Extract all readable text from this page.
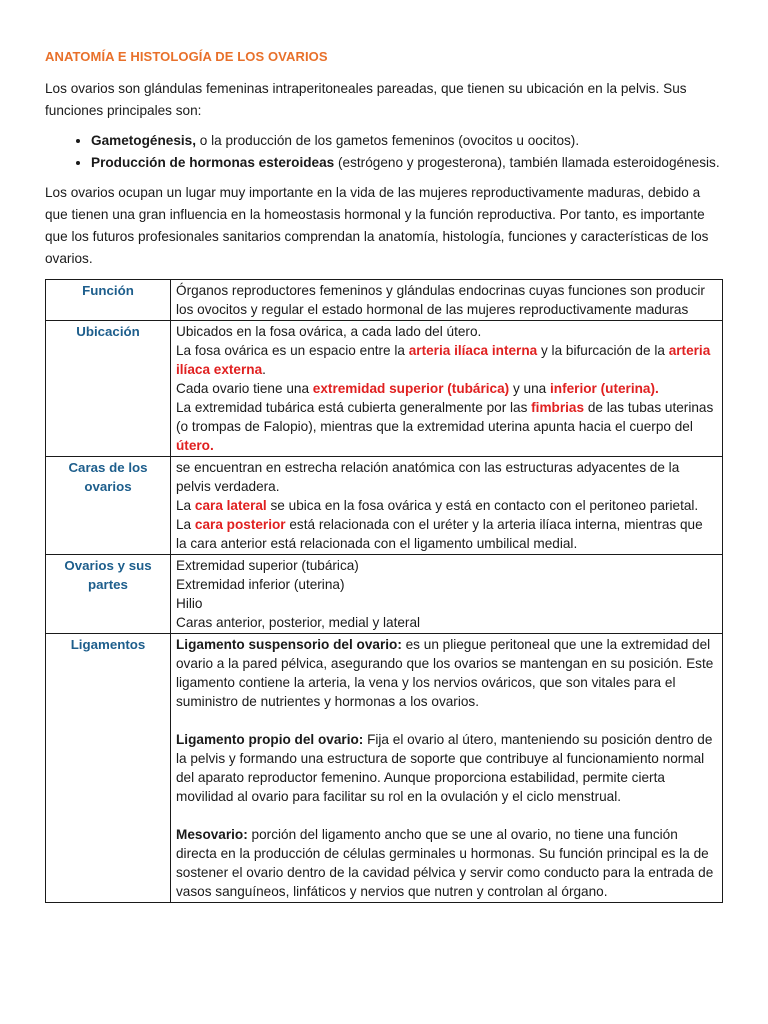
ANATOMÍA E HISTOLOGÍA DE LOS OVARIOS

Los ovarios son glándulas femeninas intraperitoneales pareadas, que tienen su ubicación en la pelvis. Sus funciones principales son:

• Gametogénesis, o la producción de los gametos femeninos (ovocitos u oocitos).
• Producción de hormonas esteroideas (estrógeno y progesterona), también llamada esteroidogénesis.

Los ovarios ocupan un lugar muy importante en la vida de las mujeres reproductivamente maduras, debido a que tienen una gran influencia en la homeostasis hormonal y la función reproductiva. Por tanto, es importante que los futuros profesionales sanitarios comprendan la anatomía, histología, funciones y características de los ovarios.

Función	Órganos reproductores femeninos y glándulas endocrinas cuyas funciones son producir los ovocitos y regular el estado hormonal de las mujeres reproductivamente maduras
Ubicación	Ubicados en la fosa ovárica, a cada lado del útero.
La fosa ovárica es un espacio entre la arteria ilíaca interna y la bifurcación de la arteria ilíaca externa.
Cada ovario tiene una extremidad superior (tubárica) y una inferior (uterina).
La extremidad tubárica está cubierta generalmente por las fimbrias de las tubas uterinas (o trompas de Falopio), mientras que la extremidad uterina apunta hacia el cuerpo del útero.

Caras de los ovarios	se encuentran en estrecha relación anatómica con las estructuras adyacentes de la pelvis verdadera.
La cara lateral se ubica en la fosa ovárica y está en contacto con el peritoneo parietal.
La cara posterior está relacionada con el uréter y la arteria ilíaca interna, mientras que la cara anterior está relacionada con el ligamento umbilical medial.

Ovarios y sus partes	Extremidad superior (tubárica)
Extremidad inferior (uterina)
Hilio
Caras anterior, posterior, medial y lateral

Ligamentos	Ligamento suspensorio del ovario: es un pliegue peritoneal que une la extremidad del ovario a la pared pélvica, asegurando que los ovarios se mantengan en su posición. Este ligamento contiene la arteria, la vena y los nervios ováricos, que son vitales para el suministro de nutrientes y hormonas a los ovarios.
Ligamento propio del ovario: Fija el ovario al útero, manteniendo su posición dentro de la pelvis y formando una estructura de soporte que contribuye al funcionamiento normal del aparato reproductor femenino. Aunque proporciona estabilidad, permite cierta movilidad al ovario para facilitar su rol en la ovulación y el ciclo menstrual.
Mesovario: porción del ligamento ancho que se une al ovario, no tiene una función directa en la producción de células germinales u hormonas. Su función principal es la de sostener el ovario dentro de la cavidad pélvica y servir como conducto para la entrada de vasos sanguíneos, linfáticos y nervios que nutren y controlan al órgano.
